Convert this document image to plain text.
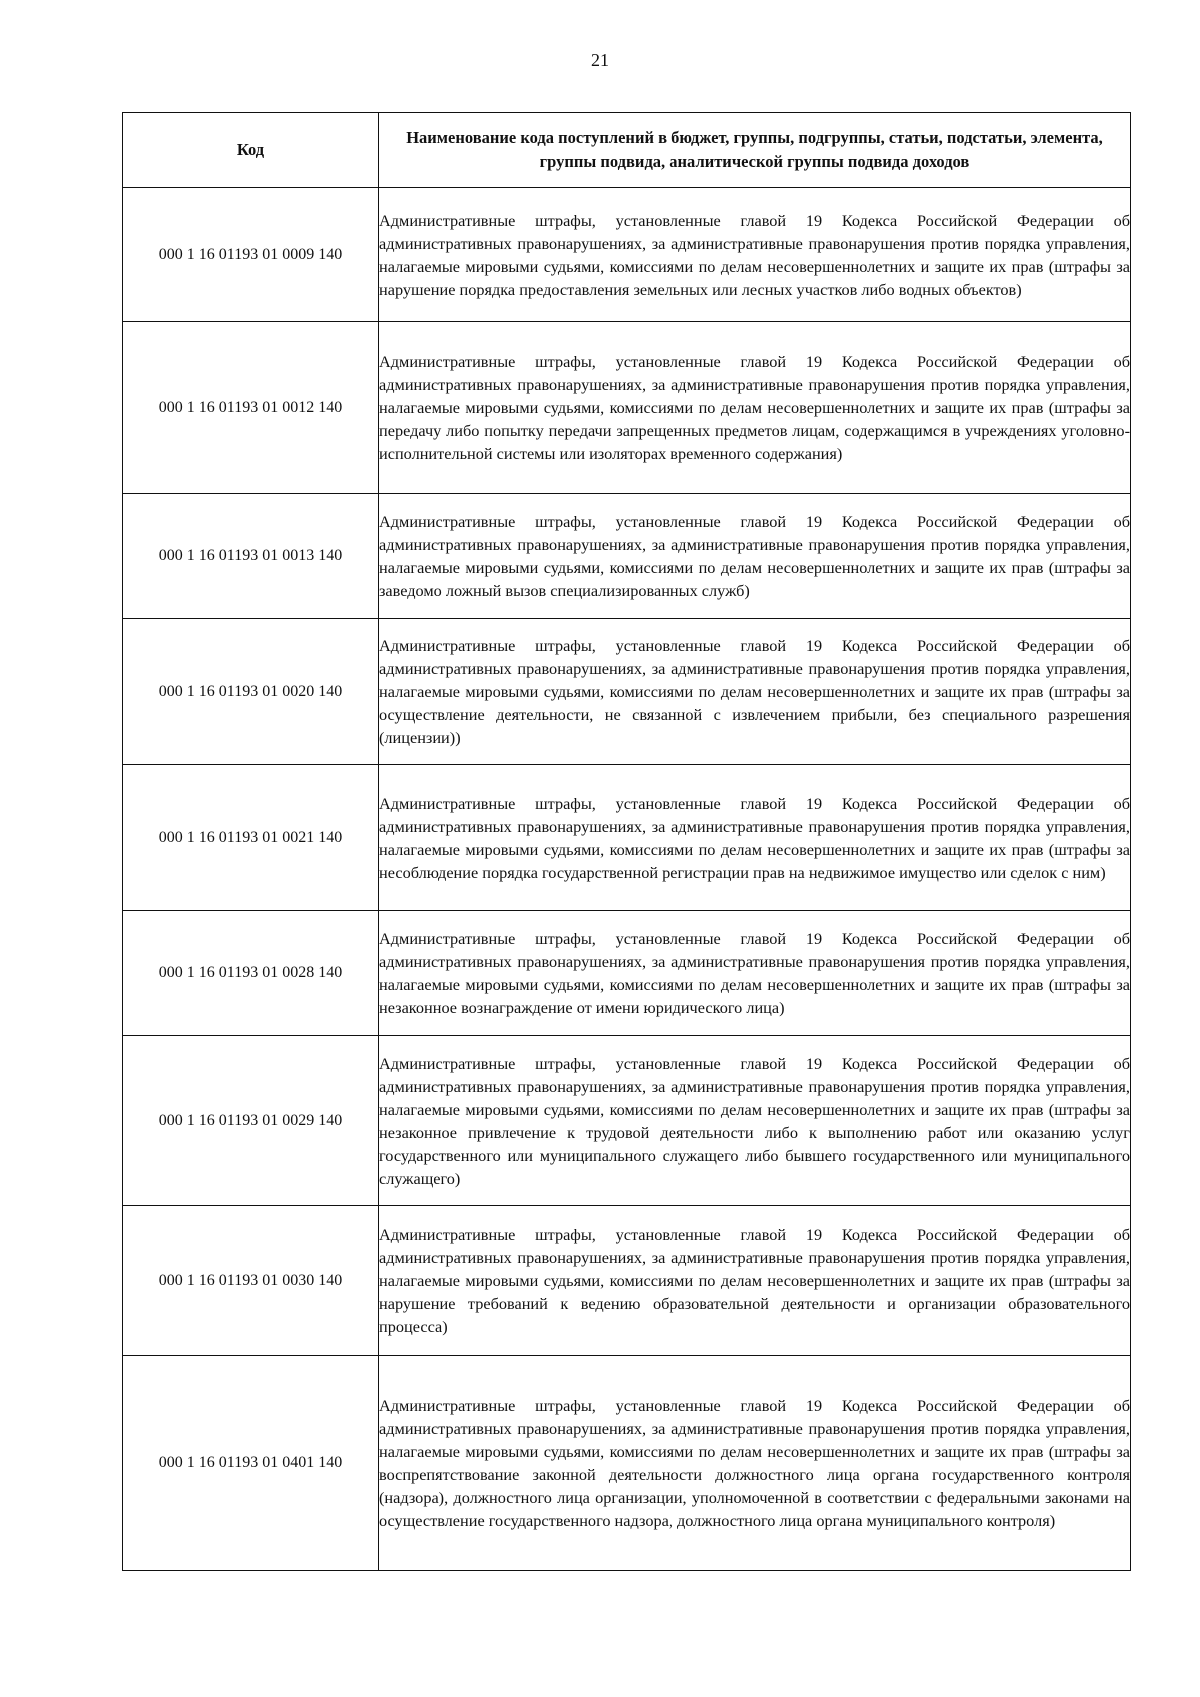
21
Код	Наименование кода поступлений в бюджет, группы, подгруппы, статьи, подстатьи, элемента, группы подвида, аналитической группы подвида доходов
000 1 16 01193 01 0009 140	Административные штрафы, установленные главой 19 Кодекса Российской Федерации об административных правонарушениях, за административные правонарушения против порядка управления, налагаемые мировыми судьями, комиссиями по делам несовершеннолетних и защите их прав (штрафы за нарушение порядка предоставления земельных или лесных участков либо водных объектов)
000 1 16 01193 01 0012 140	Административные штрафы, установленные главой 19 Кодекса Российской Федерации об административных правонарушениях, за административные правонарушения против порядка управления, налагаемые мировыми судьями, комиссиями по делам несовершеннолетних и защите их прав (штрафы за передачу либо попытку передачи запрещенных предметов лицам, содержащимся в учреждениях уголовно-исполнительной системы или изоляторах временного содержания)
000 1 16 01193 01 0013 140	Административные штрафы, установленные главой 19 Кодекса Российской Федерации об административных правонарушениях, за административные правонарушения против порядка управления, налагаемые мировыми судьями, комиссиями по делам несовершеннолетних и защите их прав (штрафы за заведомо ложный вызов специализированных служб)
000 1 16 01193 01 0020 140	Административные штрафы, установленные главой 19 Кодекса Российской Федерации об административных правонарушениях, за административные правонарушения против порядка управления, налагаемые мировыми судьями, комиссиями по делам несовершеннолетних и защите их прав (штрафы за осуществление деятельности, не связанной с извлечением прибыли, без специального разрешения (лицензии))
000 1 16 01193 01 0021 140	Административные штрафы, установленные главой 19 Кодекса Российской Федерации об административных правонарушениях, за административные правонарушения против порядка управления, налагаемые мировыми судьями, комиссиями по делам несовершеннолетних и защите их прав (штрафы за несоблюдение порядка государственной регистрации прав на недвижимое имущество или сделок с ним)
000 1 16 01193 01 0028 140	Административные штрафы, установленные главой 19 Кодекса Российской Федерации об административных правонарушениях, за административные правонарушения против порядка управления, налагаемые мировыми судьями, комиссиями по делам несовершеннолетних и защите их прав (штрафы за незаконное вознаграждение от имени юридического лица)
000 1 16 01193 01 0029 140	Административные штрафы, установленные главой 19 Кодекса Российской Федерации об административных правонарушениях, за административные правонарушения против порядка управления, налагаемые мировыми судьями, комиссиями по делам несовершеннолетних и защите их прав (штрафы за незаконное привлечение к трудовой деятельности либо к выполнению работ или оказанию услуг государственного или муниципального служащего либо бывшего государственного или муниципального служащего)
000 1 16 01193 01 0030 140	Административные штрафы, установленные главой 19 Кодекса Российской Федерации об административных правонарушениях, за административные правонарушения против порядка управления, налагаемые мировыми судьями, комиссиями по делам несовершеннолетних и защите их прав (штрафы за нарушение требований к ведению образовательной деятельности и организации образовательного процесса)
000 1 16 01193 01 0401 140	Административные штрафы, установленные главой 19 Кодекса Российской Федерации об административных правонарушениях, за административные правонарушения против порядка управления, налагаемые мировыми судьями, комиссиями по делам несовершеннолетних и защите их прав (штрафы за воспрепятствование законной деятельности должностного лица органа государственного контроля (надзора), должностного лица организации, уполномоченной в соответствии с федеральными законами на осуществление государственного надзора, должностного лица органа муниципального контроля)
